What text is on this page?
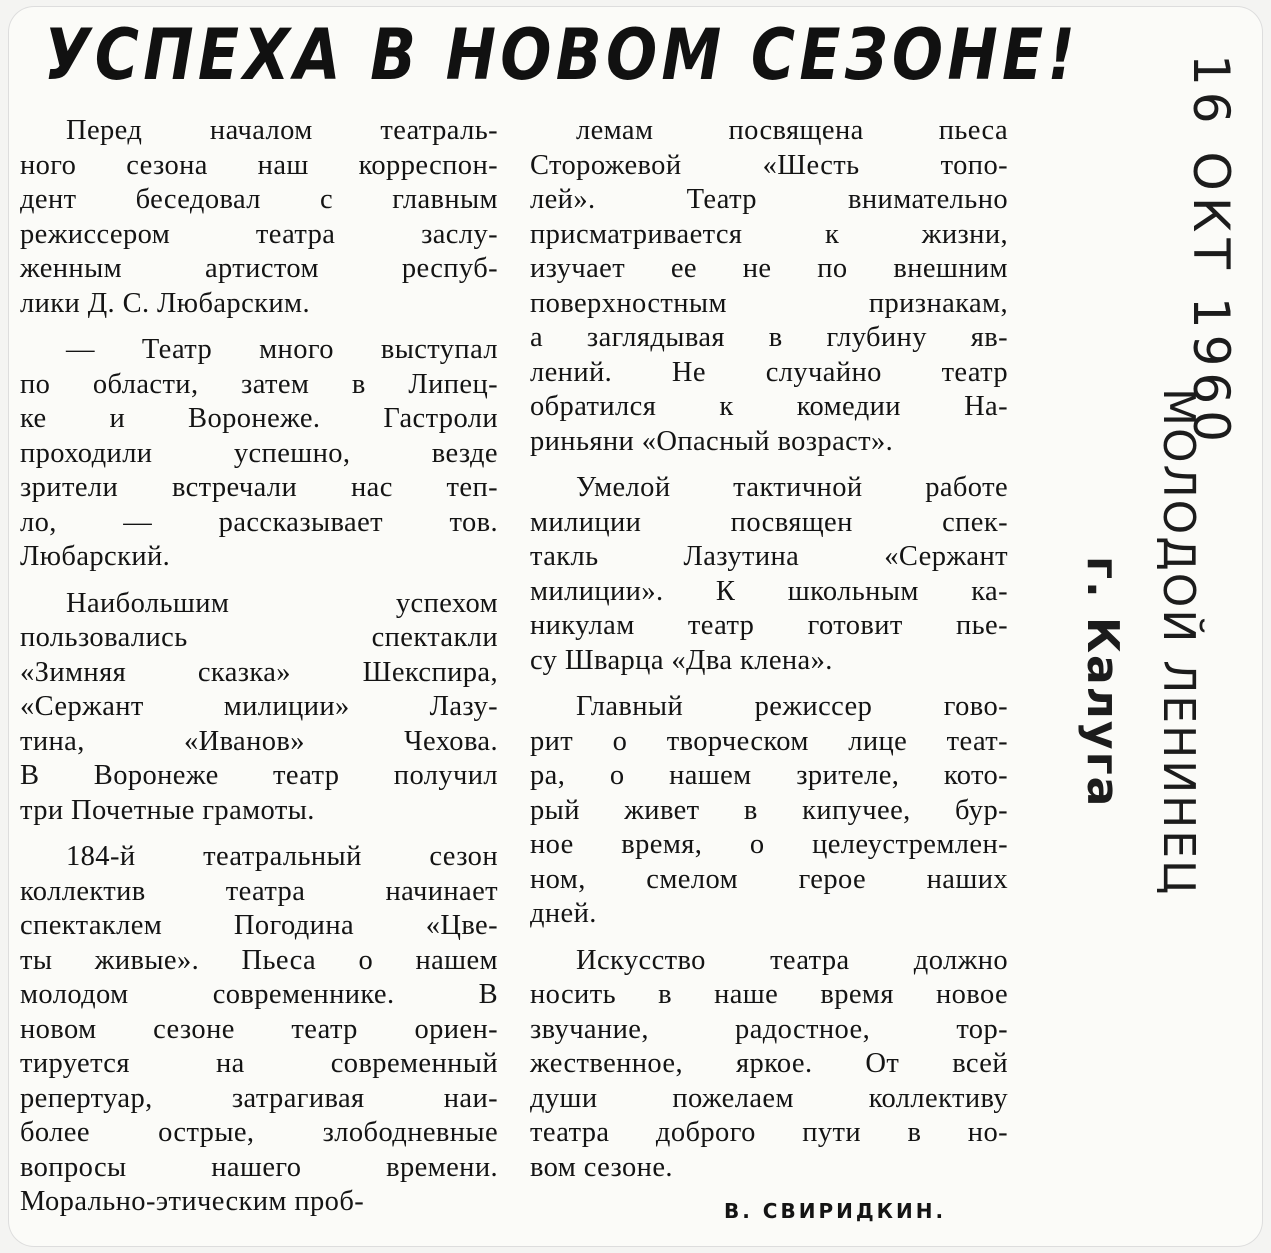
УСПЕХА В НОВОМ СЕЗОНЕ!
Перед началом театраль-
ного сезона наш корреспон-
дент беседовал с главным
режиссером театра заслу-
женным артистом респуб-
лики Д. С. Любарским.
— Театр много выступал
по области, затем в Липец-
ке и Воронеже. Гастроли
проходили успешно, везде
зрители встречали нас теп-
ло, — рассказывает тов.
Любарский.
Наибольшим успехом
пользовались спектакли
«Зимняя сказка» Шекспира,
«Сержант милиции» Лазу-
тина, «Иванов» Чехова.
В Воронеже театр получил
три Почетные грамоты.
184-й театральный сезон
коллектив театра начинает
спектаклем Погодина «Цве-
ты живые». Пьеса о нашем
молодом современнике. В
новом сезоне театр ориен-
тируется на современный
репертуар, затрагивая наи-
более острые, злободневные
вопросы нашего времени.
Морально-этическим проб-
лемам посвящена пьеса
Сторожевой «Шесть топо-
лей». Театр внимательно
присматривается к жизни,
изучает ее не по внешним
поверхностным признакам,
а заглядывая в глубину яв-
лений. Не случайно театр
обратился к комедии На-
риньяни «Опасный возраст».
Умелой тактичной работе
милиции посвящен спек-
такль Лазутина «Сержант
милиции». К школьным ка-
никулам театр готовит пье-
су Шварца «Два клена».
Главный режиссер гово-
рит о творческом лице теат-
ра, о нашем зрителе, кото-
рый живет в кипучее, бур-
ное время, о целеустремлен-
ном, смелом герое наших
дней.
Искусство театра должно
носить в наше время новое
звучание, радостное, тор-
жественное, яркое. От всей
души пожелаем коллективу
театра доброго пути в но-
вом сезоне.
В. СВИРИДКИН.
16 ОКТ 1960
МОЛОДОЙ ЛЕНИНЕЦ
г. Калуга
